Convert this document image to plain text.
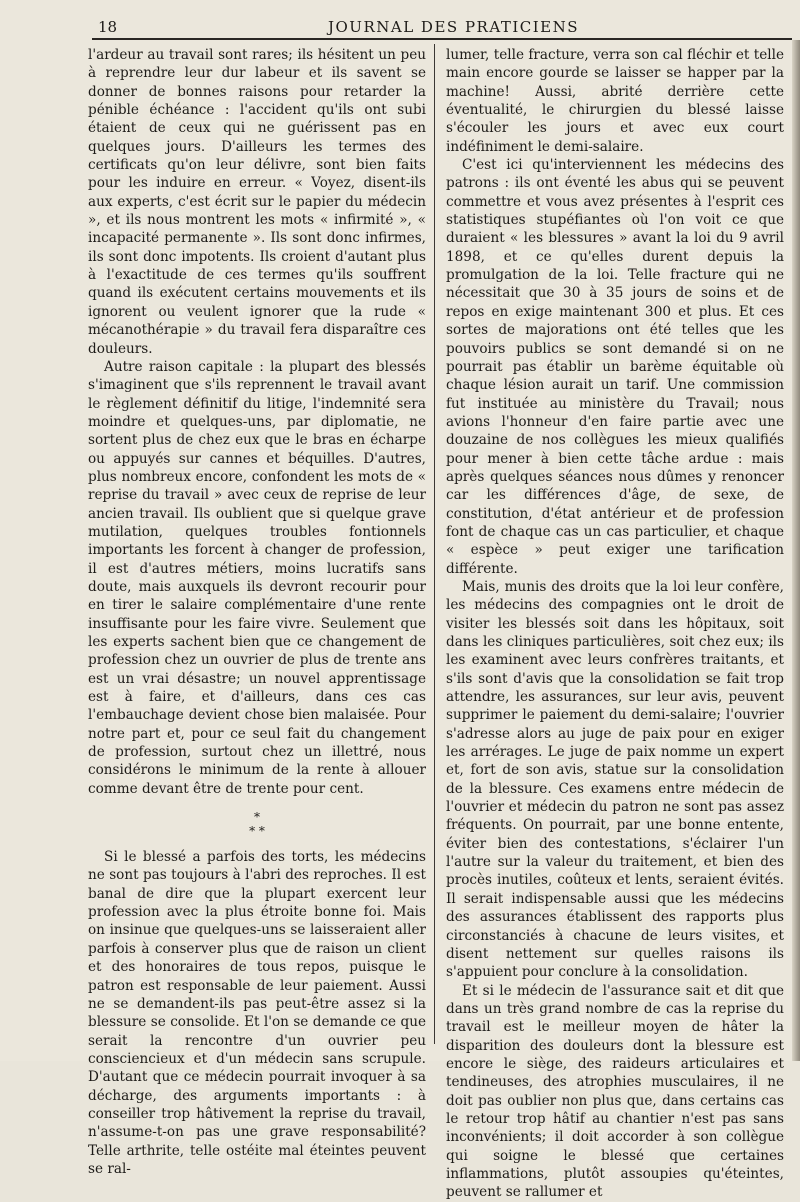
18	JOURNAL DES PRATICIENS

l'ardeur au travail sont rares; ils hésitent un peu à reprendre leur dur labeur et ils savent se donner de bonnes raisons pour retarder la pénible échéance : l'accident qu'ils ont subi étaient de ceux qui ne guérissent pas en quelques jours. D'ailleurs les termes des certificats qu'on leur délivre, sont bien faits pour les induire en erreur. « Voyez, disent-ils aux experts, c'est écrit sur le papier du médecin », et ils nous montrent les mots « infirmité », « incapacité permanente ». Ils sont donc infirmes, ils sont donc impotents. Ils croient d'autant plus à l'exactitude de ces termes qu'ils souffrent quand ils exécutent certains mouvements et ils ignorent ou veulent ignorer que la rude « mécanothérapie » du travail fera disparaître ces douleurs.

Autre raison capitale : la plupart des blessés s'imaginent que s'ils reprennent le travail avant le règlement définitif du litige, l'indemnité sera moindre et quelques-uns, par diplomatie, ne sortent plus de chez eux que le bras en écharpe ou appuyés sur cannes et béquilles. D'autres, plus nombreux encore, confondent les mots de « reprise du travail » avec ceux de reprise de leur ancien travail. Ils oublient que si quelque grave mutilation, quelques troubles fontionnels importants les forcent à changer de profession, il est d'autres métiers, moins lucratifs sans doute, mais auxquels ils devront recourir pour en tirer le salaire complémentaire d'une rente insuffisante pour les faire vivre. Seulement que les experts sachent bien que ce changement de profession chez un ouvrier de plus de trente ans est un vrai désastre; un nouvel apprentissage est à faire, et d'ailleurs, dans ces cas l'embauchage devient chose bien malaisée. Pour notre part et, pour ce seul fait du changement de profession, surtout chez un illettré, nous considérons le minimum de la rente à allouer comme devant être de trente pour cent.

*
* *

Si le blessé a parfois des torts, les médecins ne sont pas toujours à l'abri des reproches. Il est banal de dire que la plupart exercent leur profession avec la plus étroite bonne foi. Mais on insinue que quelques-uns se laisseraient aller parfois à conserver plus que de raison un client et des honoraires de tous repos, puisque le patron est responsable de leur paiement. Aussi ne se demandent-ils pas peut-être assez si la blessure se consolide. Et l'on se demande ce que serait la rencontre d'un ouvrier peu consciencieux et d'un médecin sans scrupule. D'autant que ce médecin pourrait invoquer à sa décharge, des arguments importants : à conseiller trop hâtivement la reprise du travail, n'assume-t-on pas une grave responsabilité? Telle arthrite, telle ostéite mal éteintes peuvent se ral-

lumer, telle fracture, verra son cal fléchir et telle main encore gourde se laisser se happer par la machine! Aussi, abrité derrière cette éventualité, le chirurgien du blessé laisse s'écouler les jours et avec eux court indéfiniment le demi-salaire.

C'est ici qu'interviennent les médecins des patrons : ils ont éventé les abus qui se peuvent commettre et vous avez présentes à l'esprit ces statistiques stupéfiantes où l'on voit ce que duraient « les blessures » avant la loi du 9 avril 1898, et ce qu'elles durent depuis la promulgation de la loi. Telle fracture qui ne nécessitait que 30 à 35 jours de soins et de repos en exige maintenant 300 et plus. Et ces sortes de majorations ont été telles que les pouvoirs publics se sont demandé si on ne pourrait pas établir un barème équitable où chaque lésion aurait un tarif. Une commission fut instituée au ministère du Travail; nous avions l'honneur d'en faire partie avec une douzaine de nos collègues les mieux qualifiés pour mener à bien cette tâche ardue : mais après quelques séances nous dûmes y renoncer car les différences d'âge, de sexe, de constitution, d'état antérieur et de profession font de chaque cas un cas particulier, et chaque « espèce » peut exiger une tarification différente.

Mais, munis des droits que la loi leur confère, les médecins des compagnies ont le droit de visiter les blessés soit dans les hôpitaux, soit dans les cliniques particulières, soit chez eux; ils les examinent avec leurs confrères traitants, et s'ils sont d'avis que la consolidation se fait trop attendre, les assurances, sur leur avis, peuvent supprimer le paiement du demi-salaire; l'ouvrier s'adresse alors au juge de paix pour en exiger les arrérages. Le juge de paix nomme un expert et, fort de son avis, statue sur la consolidation de la blessure. Ces examens entre médecin de l'ouvrier et médecin du patron ne sont pas assez fréquents. On pourrait, par une bonne entente, éviter bien des contestations, s'éclairer l'un l'autre sur la valeur du traitement, et bien des procès inutiles, coûteux et lents, seraient évités. Il serait indispensable aussi que les médecins des assurances établissent des rapports plus circonstanciés à chacune de leurs visites, et disent nettement sur quelles raisons ils s'appuient pour conclure à la consolidation.

Et si le médecin de l'assurance sait et dit que dans un très grand nombre de cas la reprise du travail est le meilleur moyen de hâter la disparition des douleurs dont la blessure est encore le siège, des raideurs articulaires et tendineuses, des atrophies musculaires, il ne doit pas oublier non plus que, dans certains cas le retour trop hâtif au chantier n'est pas sans inconvénients; il doit accorder à son collègue qui soigne le blessé que certaines inflammations, plutôt assoupies qu'éteintes, peuvent se rallumer et
